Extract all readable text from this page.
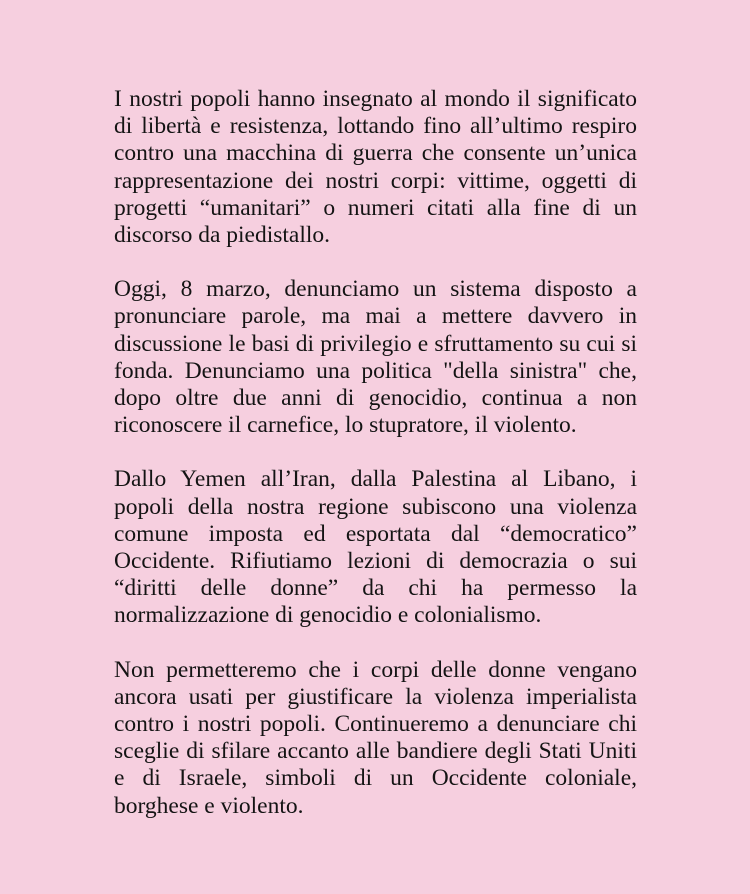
I nostri popoli hanno insegnato al mondo il significato di libertà e resistenza, lottando fino all’ultimo respiro contro una macchina di guerra che consente un’unica rappresentazione dei nostri corpi: vittime, oggetti di progetti “umanitari” o numeri citati alla fine di un discorso da piedistallo.

Oggi, 8 marzo, denunciamo un sistema disposto a pronunciare parole, ma mai a mettere davvero in discussione le basi di privilegio e sfruttamento su cui si fonda. Denunciamo una politica "della sinistra" che, dopo oltre due anni di genocidio, continua a non riconoscere il carnefice, lo stupratore, il violento.

Dallo Yemen all’Iran, dalla Palestina al Libano, i popoli della nostra regione subiscono una violenza comune imposta ed esportata dal “democratico” Occidente. Rifiutiamo lezioni di democrazia o sui “diritti delle donne” da chi ha permesso la normalizzazione di genocidio e colonialismo.

Non permetteremo che i corpi delle donne vengano ancora usati per giustificare la violenza imperialista contro i nostri popoli. Continueremo a denunciare chi sceglie di sfilare accanto alle bandiere degli Stati Uniti e di Israele, simboli di un Occidente coloniale, borghese e violento.
